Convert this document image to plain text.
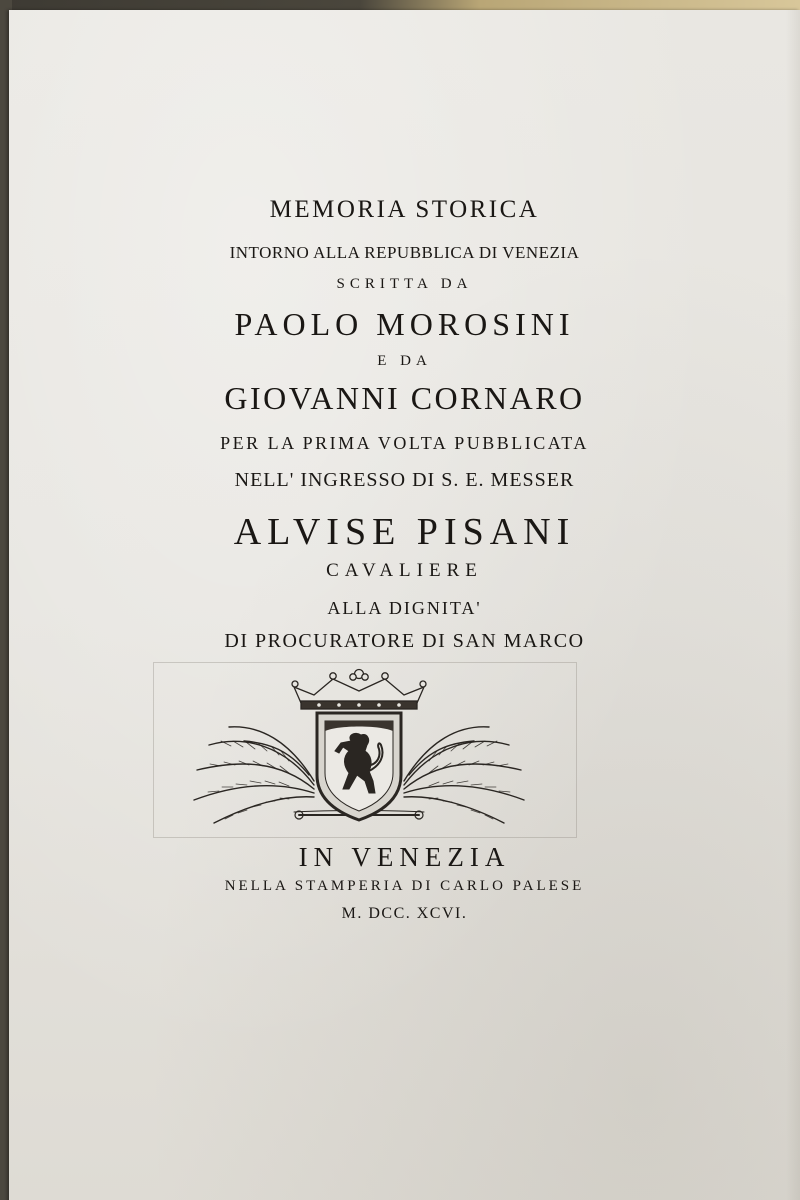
MEMORIA STORICA
INTORNO ALLA REPUBBLICA DI VENEZIA
SCRITTA DA
PAOLO MOROSINI
E DA
GIOVANNI CORNARO
PER LA PRIMA VOLTA PUBBLICATA
NELL' INGRESSO DI S. E. MESSER
ALVISE PISANI
CAVALIERE
ALLA DIGNITA'
DI PROCURATORE DI SAN MARCO
IN VENEZIA
NELLA STAMPERIA DI CARLO PALESE
M. DCC. XCVI.
